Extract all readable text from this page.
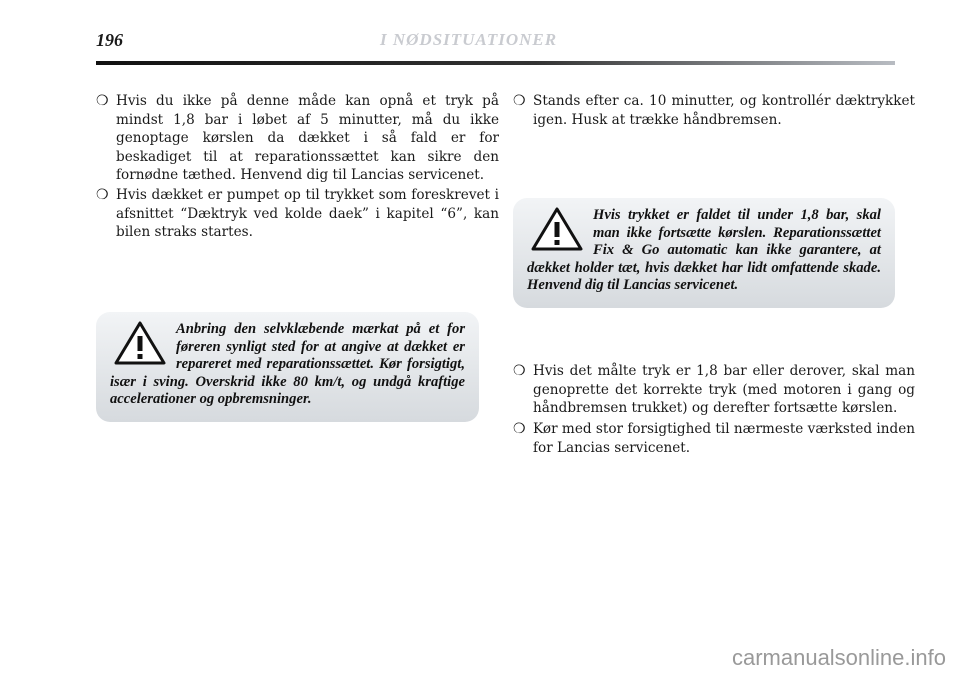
196	I NØDSITUATIONER
❍ Hvis du ikke på denne måde kan opnå et tryk på mindst 1,8 bar i løbet af 5 minutter, må du ikke genoptage kørslen da dækket i så fald er for beskadiget til at reparationssættet kan sikre den fornødne tæthed. Henvend dig til Lancias servicenet.
❍ Hvis dækket er pumpet op til trykket som foreskrevet i afsnittet “Dæktryk ved kolde daek” i kapitel “6”, kan bilen straks startes.
Anbring den selvklæbende mærkat på et for føreren synligt sted for at angive at dækket er repareret med reparationssættet. Kør forsigtigt, især i sving. Overskrid ikke 80 km/t, og undgå kraftige accelerationer og opbremsninger.
❍ Stands efter ca. 10 minutter, og kontrollér dæktrykket igen. Husk at trække håndbremsen.
Hvis trykket er faldet til under 1,8 bar, skal man ikke fortsætte kørslen. Reparationssættet Fix & Go automatic kan ikke garantere, at dækket holder tæt, hvis dækket har lidt omfattende skade. Henvend dig til Lancias servicenet.
❍ Hvis det målte tryk er 1,8 bar eller derover, skal man genoprette det korrekte tryk (med motoren i gang og håndbremsen trukket) og derefter fortsætte kørslen.
❍ Kør med stor forsigtighed til nærmeste værksted inden for Lancias servicenet.
carmanualsonline.info
